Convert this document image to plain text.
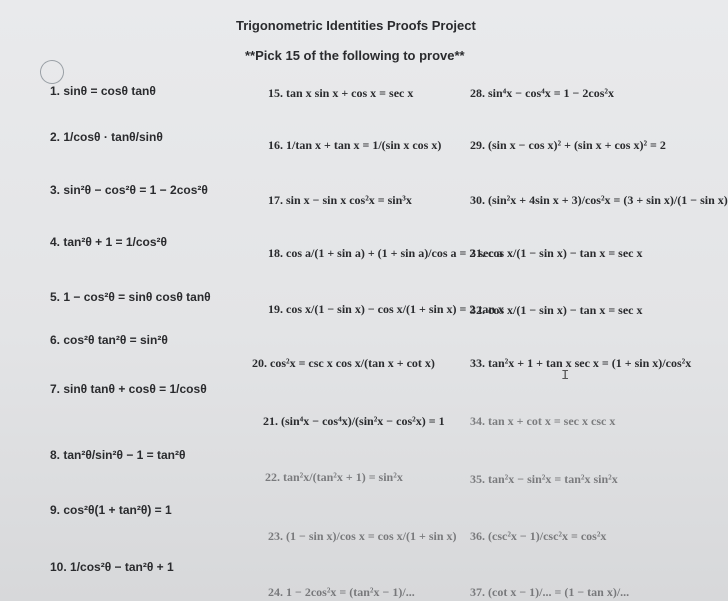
Trigonometric Identities Proofs Project
**Pick 15 of the following to prove**
1. sinθ = cosθ tanθ
2. 1/cosθ · tanθ/sinθ
3. sin²θ − cos²θ = 1 − 2cos²θ
4. tan²θ + 1 = 1/cos²θ
5. 1 − cos²θ = sinθ cosθ tanθ
6. cos²θ tan²θ = sin²θ
7. sinθ tanθ + cosθ = 1/cosθ
8. tan²θ/sin²θ − 1 = tan²θ
9. cos²θ(1 + tan²θ) = 1
10. 1/cos²θ − tan²θ + 1
15. tan x sin x + cos x = sec x
16. 1/tan x + tan x = 1/(sin x cos x)
17. sin x − sin x cos²x = sin³x
18. cos a/(1 + sin a) + (1 + sin a)/cos a = 2 sec a
19. cos x/(1 − sin x) − cos x/(1 + sin x) = 2 tan x
20. cos²x = csc x cos x/(tan x + cot x)
21. (sin⁴x − cos⁴x)/(sin²x − cos²x) = 1
22. tan²x/(tan²x + 1) = sin²x
23. (1 − sin x)/cos x = cos x/(1 + sin x)
24. 1 − 2cos²x = (tan²x − 1)/...
28. sin⁴x − cos⁴x = 1 − 2cos²x
29. (sin x − cos x)² + (sin x + cos x)² = 2
30. (sin²x + 4sin x + 3)/cos²x = (3 + sin x)/(1 − sin x)
31. cos x/(1 − sin x) − tan x = sec x
32. cos x/(1 − sin x) − tan x = sec x
33. tan²x + 1 + tan x sec x = (1 + sin x)/cos²x
34. tan x + cot x = sec x csc x
35. tan²x − sin²x = tan²x sin²x
36. (csc²x − 1)/csc²x = cos²x
37. (cot x − 1)/... = (1 − tan x)/...
I
